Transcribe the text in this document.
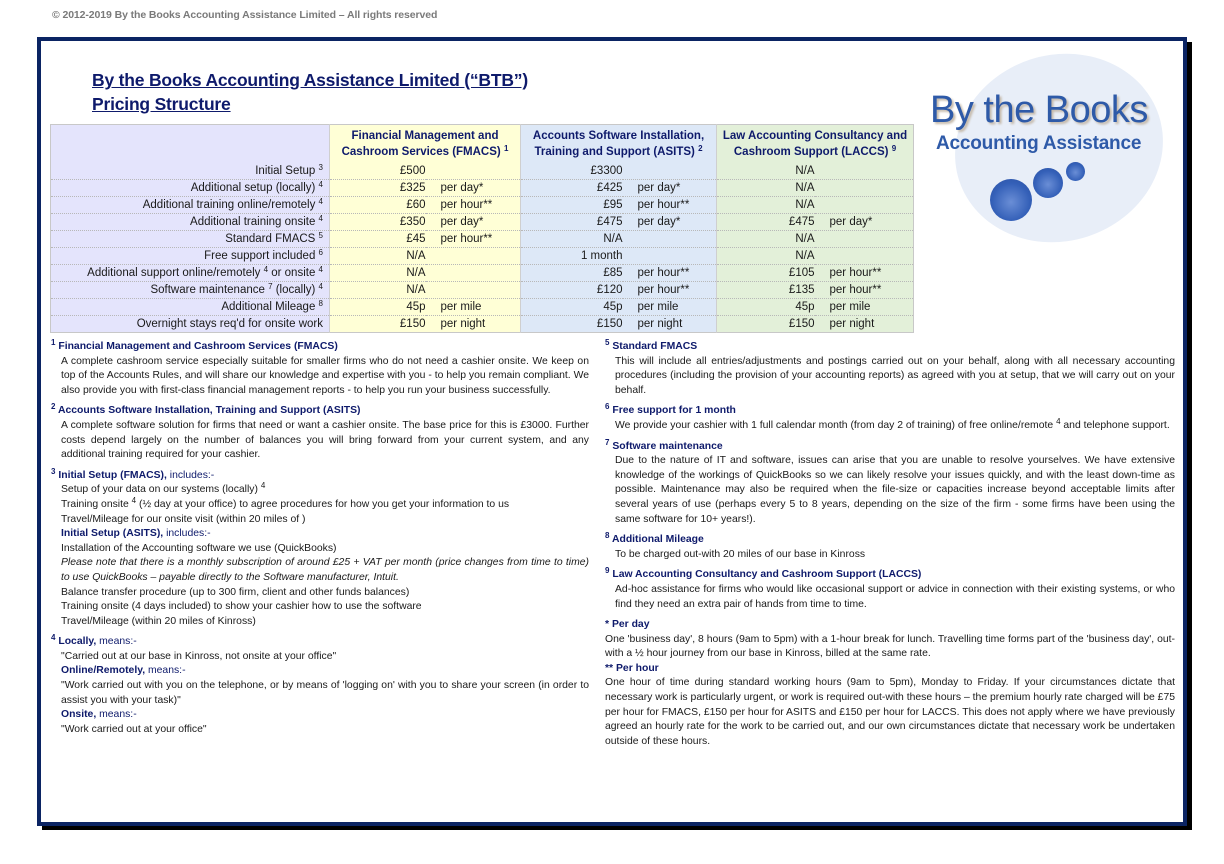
© 2012-2019 By the Books Accounting Assistance Limited – All rights reserved
By the Books Accounting Assistance Limited (“BTB”)
Pricing Structure	By the Books
Accounting Assistance
	Financial Management and Cashroom Services (FMACS) $^1$		Accounts Software Installation, Training and Support (ASITS) $^2$		Law Accounting Consultancy and Cashroom Support (LACCS) $^9$
Initial Setup $^3$	£500		£3300		N/A	
Additional setup (locally) $^4$	£325	per day*	£425	per day*	N/A	
Additional training online/remotely $^4$	£60	per hour**	£95	per hour**	N/A	
Additional training onsite $^4$	£350	per day*	£475	per day*	£475	per day*
Standard FMACS $^5$	£45	per hour**	N/A		N/A	
Free support included $^6$	N/A		1 month		N/A	
Additional support online/remotely $^4$ or onsite $^4$	N/A		£85	per hour**	£105	per hour**
Software maintenance $^7$ (locally) $^4$	N/A		£120	per hour**	£135	per hour**
Additional Mileage $^8$	45p	per mile	45p	per mile	45p	per mile
Overnight stays req'd for onsite work	£150	per night	£150	per night	£150	per night
$^1$ Financial Management and Cashroom Services (FMACS)
A complete cashroom service especially suitable for smaller firms who do not need a cashier onsite. We keep on top of the Accounts Rules, and will share our knowledge and expertise with you - to help you remain compliant. We also provide you with first-class financial management reports - to help you run your business successfully.
$^2$ Accounts Software Installation, Training and Support (ASITS)
A complete software solution for firms that need or want a cashier onsite. The base price for this is £3000. Further costs depend largely on the number of balances you will bring forward from your current system, and any additional training required for your cashier.
$^3$ Initial Setup (FMACS), includes:-
Setup of your data on our systems (locally) $^4$
Training onsite $^4$ (½ day at your office) to agree procedures for how you get your information to us
Travel/Mileage for our onsite visit (within 20 miles of )
Initial Setup (ASITS), includes:-
Installation of the Accounting software we use (QuickBooks)
Please note that there is a monthly subscription of around £25 + VAT per month (price changes from time to time) to use QuickBooks – payable directly to the Software manufacturer, Intuit.
Balance transfer procedure (up to 300 firm, client and other funds balances)
Training onsite (4 days included) to show your cashier how to use the software
Travel/Mileage (within 20 miles of Kinross)
$^4$ Locally, means:-
"Carried out at our base in Kinross, not onsite at your office"
Online/Remotely, means:-
"Work carried out with you on the telephone, or by means of 'logging on' with you to share your screen (in order to assist you with your task)"
Onsite, means:-
"Work carried out at your office"
$^5$ Standard FMACS
This will include all entries/adjustments and postings carried out on your behalf, along with all necessary accounting procedures (including the provision of your accounting reports) as agreed with you at setup, that we will carry out on your behalf.
$^6$ Free support for 1 month
We provide your cashier with 1 full calendar month (from day 2 of training) of free online/remote $^4$ and telephone support.
$^7$ Software maintenance
Due to the nature of IT and software, issues can arise that you are unable to resolve yourselves. We have extensive knowledge of the workings of QuickBooks so we can likely resolve your issues quickly, and with the least down-time as possible. Maintenance may also be required when the file-size or capacities increase beyond acceptable limits after several years of use (perhaps every 5 to 8 years, depending on the size of the firm - some firms have been using the same software for 10+ years!).
$^8$ Additional Mileage
To be charged out-with 20 miles of our base in Kinross
$^9$ Law Accounting Consultancy and Cashroom Support (LACCS)
Ad-hoc assistance for firms who would like occasional support or advice in connection with their existing systems, or who find they need an extra pair of hands from time to time.
* Per day
One 'business day', 8 hours (9am to 5pm) with a 1-hour break for lunch. Travelling time forms part of the 'business day', out-with a ½ hour journey from our base in Kinross, billed at the same rate.
** Per hour
One hour of time during standard working hours (9am to 5pm), Monday to Friday. If your circumstances dictate that necessary work is particularly urgent, or work is required out-with these hours – the premium hourly rate charged will be £75 per hour for FMACS, £150 per hour for ASITS and £150 per hour for LACCS. This does not apply where we have previously agreed an hourly rate for the work to be carried out, and our own circumstances dictate that necessary work be undertaken outside of these hours.
